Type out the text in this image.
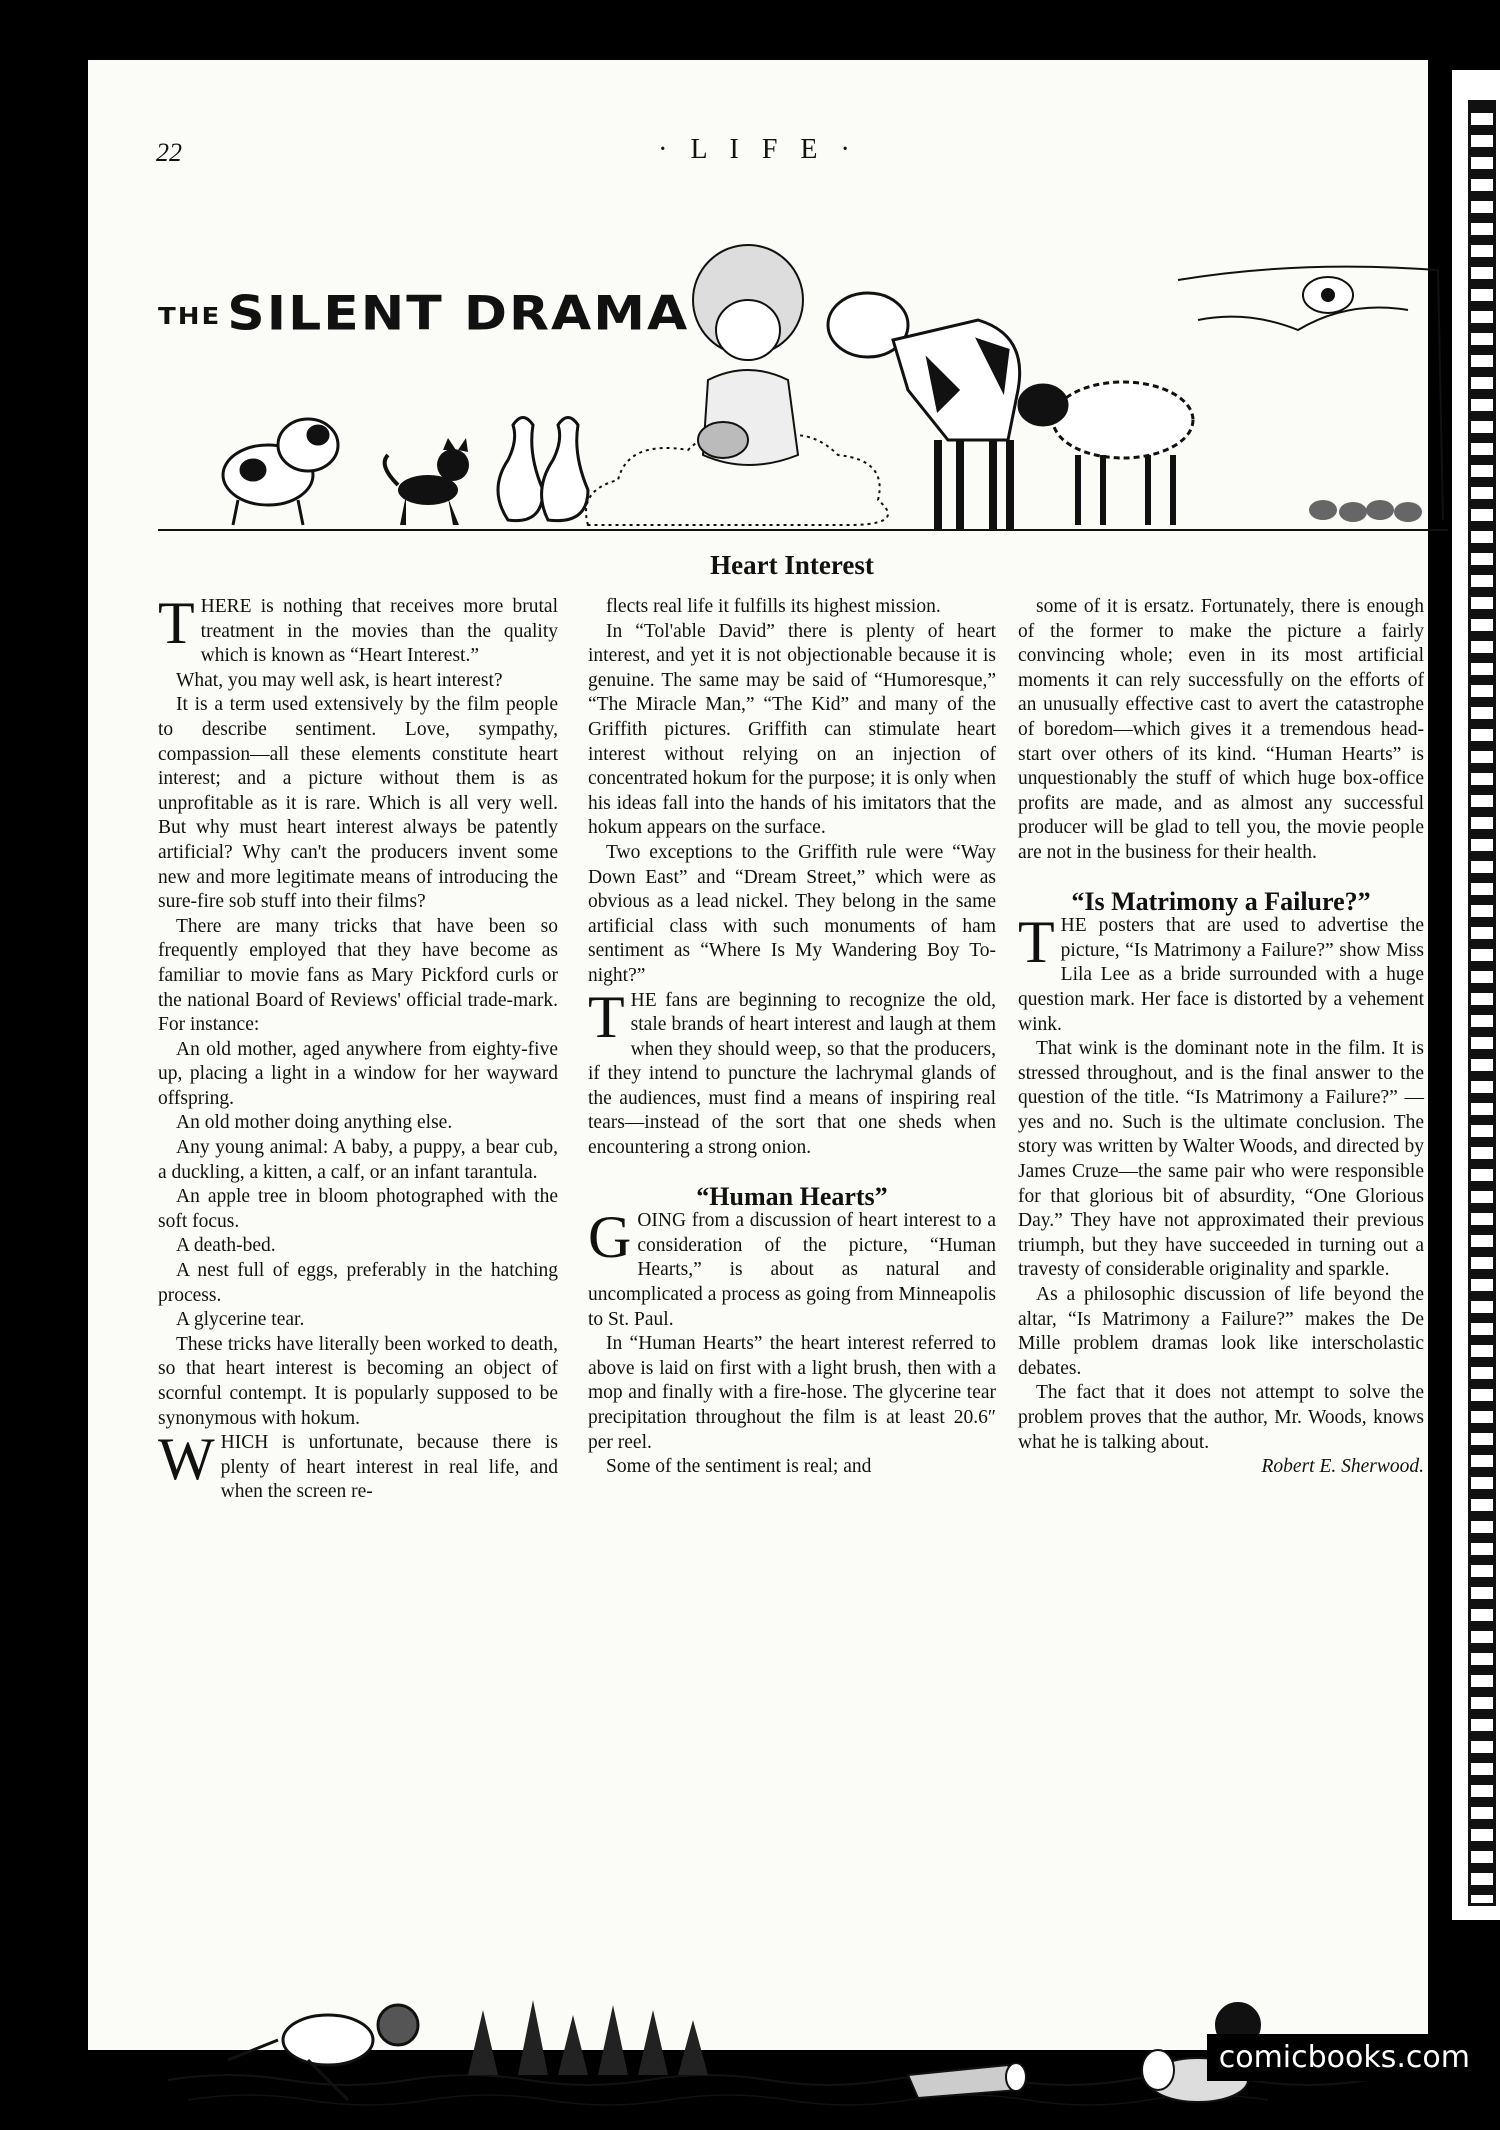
22	· L I F E ·
THE SILENT DRAMA
Heart Interest

THERE is nothing that receives more brutal treatment in the movies than the quality which is known as “Heart Interest.”

What, you may well ask, is heart interest?

It is a term used extensively by the film people to describe sentiment. Love, sympathy, compassion—all these elements constitute heart interest; and a picture without them is as unprofitable as it is rare. Which is all very well. But why must heart interest always be patently artificial? Why can't the producers invent some new and more legitimate means of introducing the sure-fire sob stuff into their films?

There are many tricks that have been so frequently employed that they have become as familiar to movie fans as Mary Pickford curls or the national Board of Reviews' official trade-mark. For instance:

An old mother, aged anywhere from eighty-five up, placing a light in a window for her wayward offspring.

An old mother doing anything else.

Any young animal: A baby, a puppy, a bear cub, a duckling, a kitten, a calf, or an infant tarantula.

An apple tree in bloom photographed with the soft focus.

A death-bed.

A nest full of eggs, preferably in the hatching process.

A glycerine tear.

These tricks have literally been worked to death, so that heart interest is becoming an object of scornful contempt. It is popularly supposed to be synonymous with hokum.

WHICH is unfortunate, because there is plenty of heart interest in real life, and when the screen re-

flects real life it fulfills its highest mission.

In “Tol'able David” there is plenty of heart interest, and yet it is not objectionable because it is genuine. The same may be said of “Humoresque,” “The Miracle Man,” “The Kid” and many of the Griffith pictures. Griffith can stimulate heart interest without relying on an injection of concentrated hokum for the purpose; it is only when his ideas fall into the hands of his imitators that the hokum appears on the surface.

Two exceptions to the Griffith rule were “Way Down East” and “Dream Street,” which were as obvious as a lead nickel. They belong in the same artificial class with such monuments of ham sentiment as “Where Is My Wandering Boy To-night?”

THE fans are beginning to recognize the old, stale brands of heart interest and laugh at them when they should weep, so that the producers, if they intend to puncture the lachrymal glands of the audiences, must find a means of inspiring real tears—instead of the sort that one sheds when encountering a strong onion.

“Human Hearts”

GOING from a discussion of heart interest to a consideration of the picture, “Human Hearts,” is about as natural and uncomplicated a process as going from Minneapolis to St. Paul.

In “Human Hearts” the heart interest referred to above is laid on first with a light brush, then with a mop and finally with a fire-hose. The glycerine tear precipitation throughout the film is at least 20.6″ per reel.

Some of the sentiment is real; and

some of it is ersatz. Fortunately, there is enough of the former to make the picture a fairly convincing whole; even in its most artificial moments it can rely successfully on the efforts of an unusually effective cast to avert the catastrophe of boredom—which gives it a tremendous head-start over others of its kind. “Human Hearts” is unquestionably the stuff of which huge box-office profits are made, and as almost any successful producer will be glad to tell you, the movie people are not in the business for their health.

“Is Matrimony a Failure?”

THE posters that are used to advertise the picture, “Is Matrimony a Failure?” show Miss Lila Lee as a bride surrounded with a huge question mark. Her face is distorted by a vehement wink.

That wink is the dominant note in the film. It is stressed throughout, and is the final answer to the question of the title. “Is Matrimony a Failure?” —yes and no. Such is the ultimate conclusion. The story was written by Walter Woods, and directed by James Cruze—the same pair who were responsible for that glorious bit of absurdity, “One Glorious Day.” They have not approximated their previous triumph, but they have succeeded in turning out a travesty of considerable originality and sparkle.

As a philosophic discussion of life beyond the altar, “Is Matrimony a Failure?” makes the De Mille problem dramas look like interscholastic debates.

The fact that it does not attempt to solve the problem proves that the author, Mr. Woods, knows what he is talking about.

Robert E. Sherwood.

comicbooks.com
